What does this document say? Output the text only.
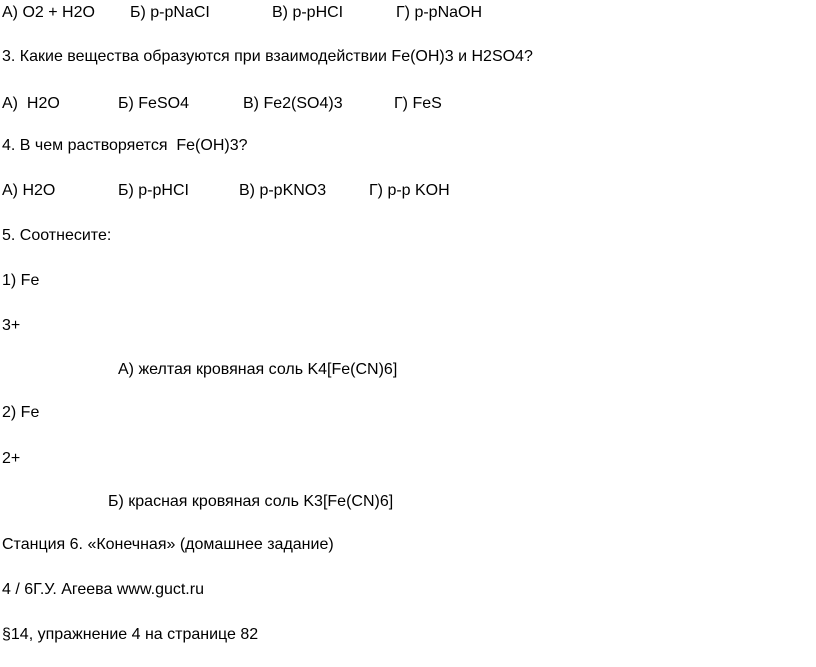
А) О2 + Н2О Б) р-рNaCI	В) р-рHCI	Г) р-рNaOH
3. Какие вещества образуются при взаимодействии Fe(OH)3 и H2SO4?
А)  H2O	Б) FeSO4	В) Fe2(SO4)3	Г) FeS
4. В чем растворяется  Fe(OH)3?
А) H2O	Б) р-рHCI	В) р-рKNO3	Г) р-р KOH
5. Соотнесите:
1) Fe
3+
А) желтая кровяная соль K4[Fe(CN)6]
2) Fe
2+
Б) красная кровяная соль K3[Fe(CN)6]
Станция 6. «Конечная» (домашнее задание)
4 / 6Г.У. Агеева www.guct.ru
§14, упражнение 4 на странице 82
